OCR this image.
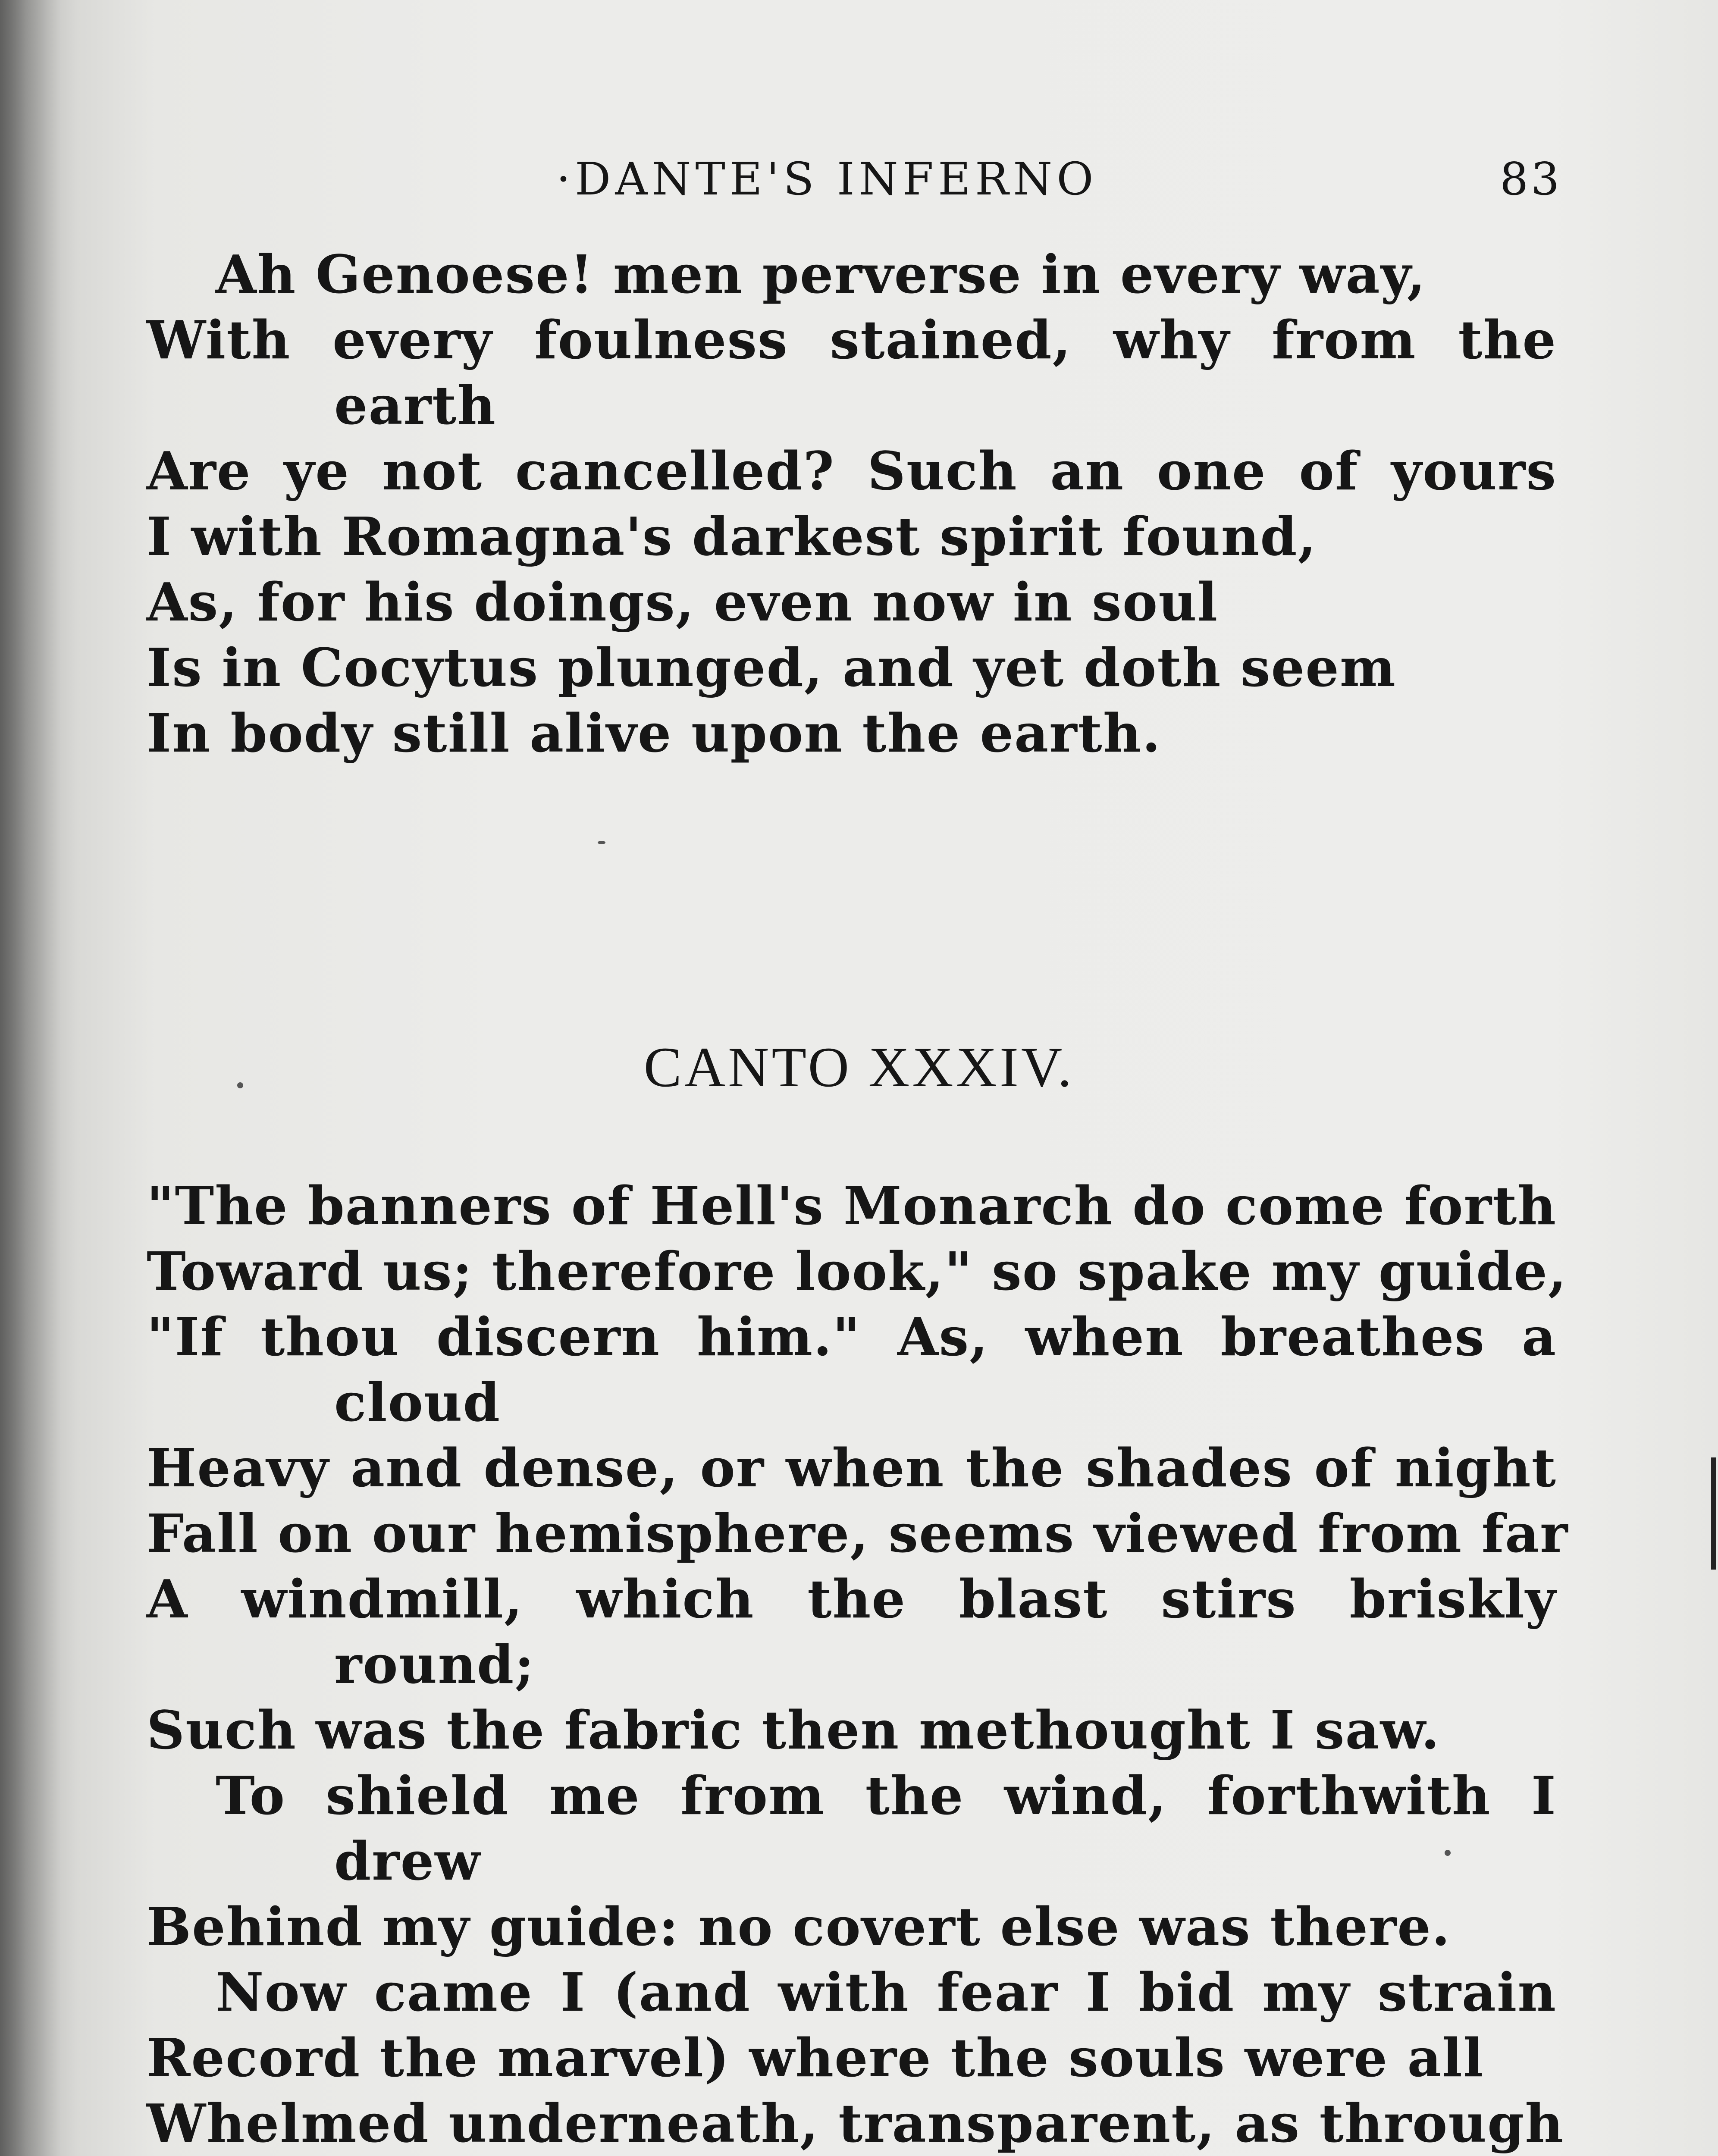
·DANTE'S INFERNO	83
Ah Genoese! men perverse in every way,
With every foulness stained, why from the
earth
Are ye not cancelled? Such an one of yours
I with Romagna's darkest spirit found,
As, for his doings, even now in soul
Is in Cocytus plunged, and yet doth seem
In body still alive upon the earth.
CANTO XXXIV.
"The banners of Hell's Monarch do come forth
Toward us; therefore look," so spake my guide,
"If thou discern him." As, when breathes a
cloud
Heavy and dense, or when the shades of night
Fall on our hemisphere, seems viewed from far
A windmill, which the blast stirs briskly
round;
Such was the fabric then methought I saw.
To shield me from the wind, forthwith I
drew
Behind my guide: no covert else was there.
Now came I (and with fear I bid my strain
Record the marvel) where the souls were all
Whelmed underneath, transparent, as through
